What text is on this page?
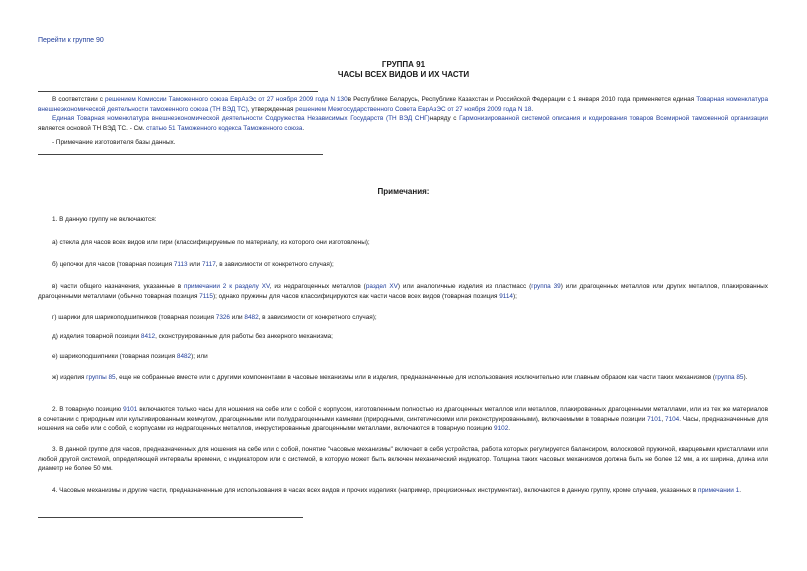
Перейти к группе 90
ГРУППА 91
ЧАСЫ ВСЕХ ВИДОВ И ИХ ЧАСТИ

В соответствии с решением Комиссии Таможенного союза ЕврАзЭс от 27 ноября 2009 года N 130в Республике Беларусь, Республике Казахстан и Российской Федерации с 1 января 2010 года применяется единая Товарная номенклатура внешнеэкономической деятельности таможенного союза (ТН ВЭД ТС), утвержденная решением Межгосударственного Совета ЕврАзЭС от 27 ноября 2009 года N 18.

Единая Товарная номенклатура внешнеэкономической деятельности Содружества Независимых Государств (ТН ВЭД СНГ)наряду с Гармонизированной системой описания и кодирования товаров Всемирной таможенной организации является основой ТН ВЭД ТС. - См. статью 51 Таможенного кодекса Таможенного союза.

- Примечание изготовителя базы данных.

Примечания:

1. В данную группу не включаются:

а) стекла для часов всех видов или гири (классифицируемые по материалу, из которого они изготовлены);

б) цепочки для часов (товарная позиция 7113 или 7117, в зависимости от конкретного случая);

в) части общего назначения, указанные в примечании 2 к разделу XV, из недрагоценных металлов (раздел XV) или аналогичные изделия из пластмасс (группа 39) или драгоценных металлов или других металлов, плакированных драгоценными металлами (обычно товарная позиция 7115); однако пружины для часов классифицируются как части часов всех видов (товарная позиция 9114);

г) шарики для шарикоподшипников (товарная позиция 7326 или 8482, в зависимости от конкретного случая);

д) изделия товарной позиции 8412, сконструированные для работы без анкерного механизма;

е) шарикоподшипники (товарная позиция 8482); или

ж) изделия группы 85, еще не собранные вместе или с другими компонентами в часовые механизмы или в изделия, предназначенные для использования исключительно или главным образом как части таких механизмов (группа 85).

2. В товарную позицию 9101 включаются только часы для ношения на себе или с собой с корпусом, изготовленным полностью из драгоценных металлов или металлов, плакированных драгоценными металлами, или из тех же материалов в сочетании с природным или культивированным жемчугом, драгоценными или полудрагоценными камнями (природными, синтетическими или реконструированными), включаемыми в товарные позиции 7101, 7104. Часы, предназначенные для ношения на себе или с собой, с корпусами из недрагоценных металлов, инкрустированные драгоценными металлами, включаются в товарную позицию 9102.

3. В данной группе для часов, предназначенных для ношения на себе или с собой, понятие "часовые механизмы" включает в себя устройства, работа которых регулируется балансиром, волосковой пружиной, кварцевыми кристаллами или любой другой системой, определяющей интервалы времени, с индикатором или с системой, в которую может быть включен механический индикатор. Толщина таких часовых механизмов должна быть не более 12 мм, а их ширина, длина или диаметр не более 50 мм.

4. Часовые механизмы и другие части, предназначенные для использования в часах всех видов и прочих изделиях (например, прецизионных инструментах), включаются в данную группу, кроме случаев, указанных в примечании 1.
